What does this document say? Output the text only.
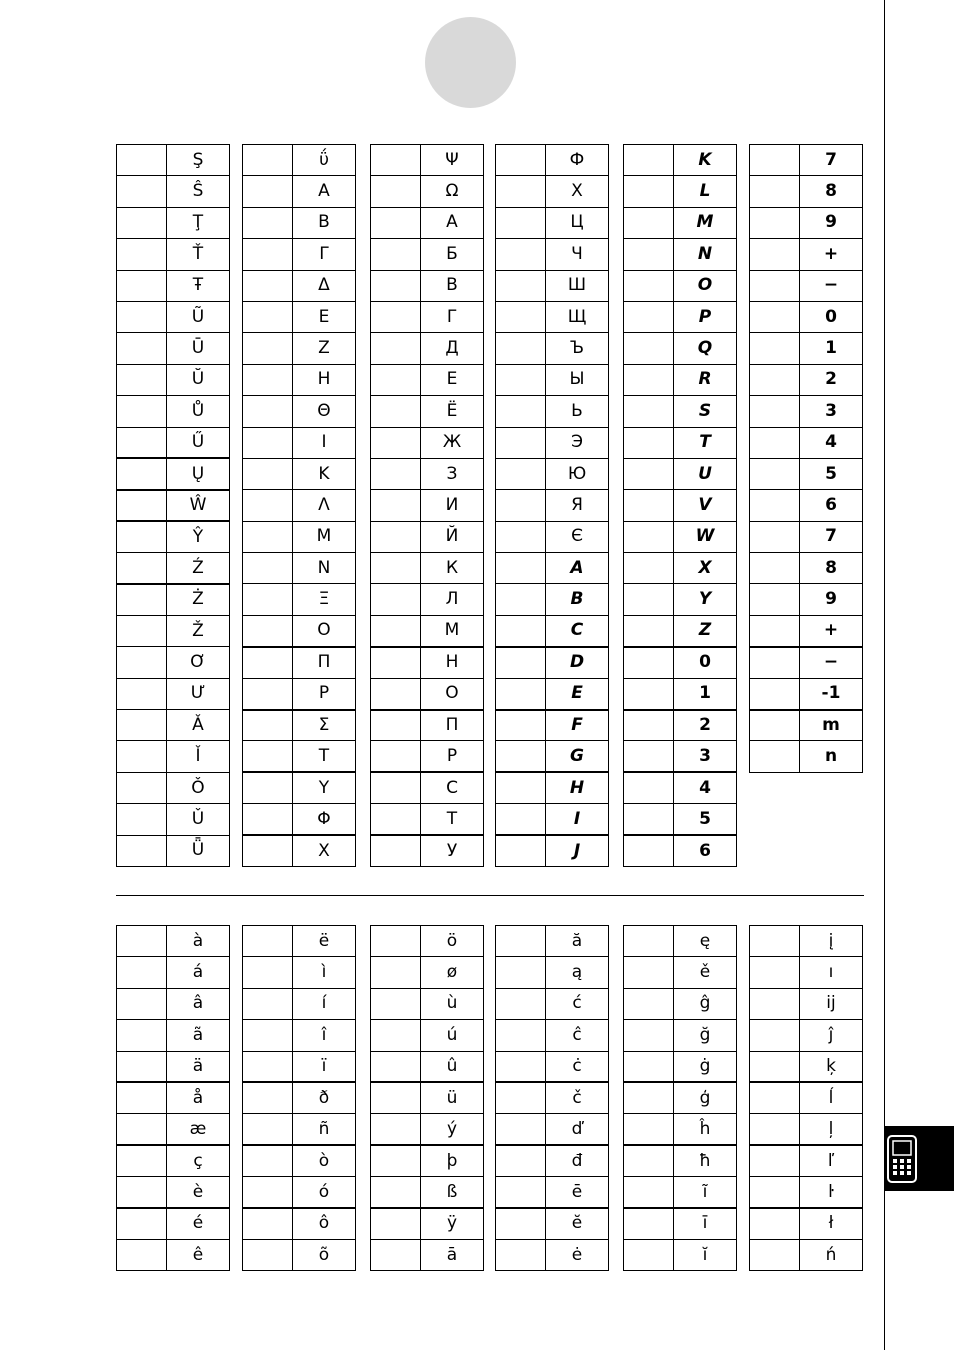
	Ş
	Ŝ
	Ţ
	Ť
	Ŧ
	Ũ
	Ū
	Ŭ
	Ů
	Ű
	Ų
	Ŵ
	Ŷ
	Ź
	Ż
	Ž
	Ơ
	Ư
	Ǎ
	Ǐ
	Ǒ
	Ǔ
	Ǖ
	ΰ
	Α
	Β
	Γ
	Δ
	Ε
	Ζ
	Η
	Θ
	Ι
	Κ
	Λ
	Μ
	Ν
	Ξ
	Ο
	Π
	Ρ
	Σ
	Τ
	Υ
	Φ
	Χ
	Ψ
	Ω
	А
	Б
	В
	Г
	Д
	Е
	Ё
	Ж
	З
	И
	Й
	К
	Л
	М
	Н
	О
	П
	Р
	С
	Т
	У
	Ф
	Х
	Ц
	Ч
	Ш
	Щ
	Ъ
	Ы
	Ь
	Э
	Ю
	Я
	Є
	A
	B
	C
	D
	E
	F
	G
	H
	I
	J
	K
	L
	M
	N
	O
	P
	Q
	R
	S
	T
	U
	V
	W
	X
	Y
	Z
	0
	1
	2
	3
	4
	5
	6
	7
	8
	9
	+
	−
	0
	1
	2
	3
	4
	5
	6
	7
	8
	9
	+
	−
	-1
	m
	n
	à
	á
	â
	ã
	ä
	å
	æ
	ç
	è
	é
	ê
	ë
	ì
	í
	î
	ï
	ð
	ñ
	ò
	ó
	ô
	õ
	ö
	ø
	ù
	ú
	û
	ü
	ý
	þ
	ß
	ÿ
	ā
	ă
	ą
	ć
	ĉ
	ċ
	č
	ď
	đ
	ē
	ĕ
	ė
	ę
	ě
	ĝ
	ğ
	ġ
	ģ
	ĥ
	ħ
	ĩ
	ī
	ĭ
	į
	ı
	ĳ
	ĵ
	ķ
	ĺ
	ļ
	ľ
	ŀ
	ł
	ń
